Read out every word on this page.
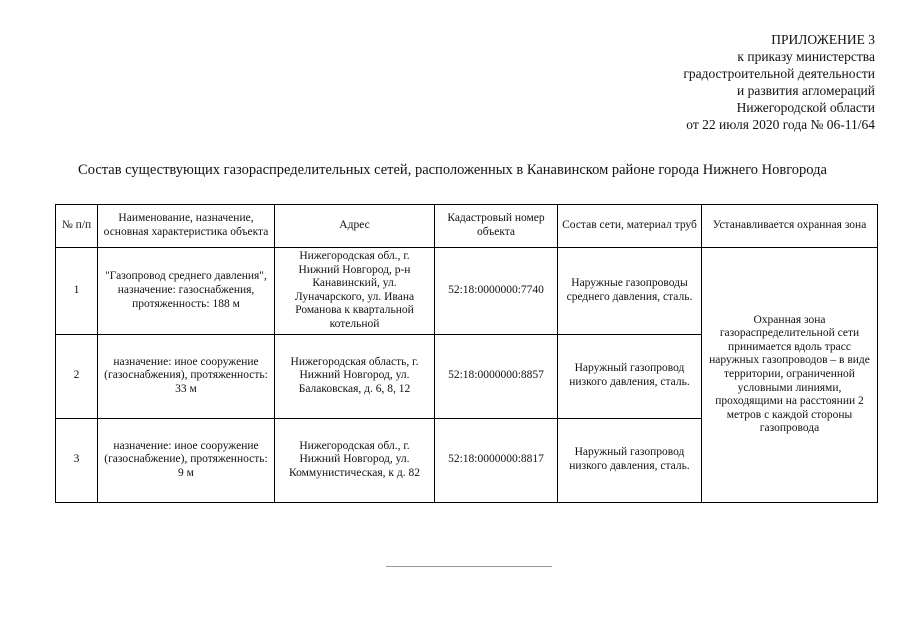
ПРИЛОЖЕНИЕ 3
к приказу министерства
градостроительной деятельности
и развития агломераций
Нижегородской области
от 22 июля 2020 года № 06-11/64
Состав существующих газораспределительных сетей, расположенных в Канавинском районе города Нижнего Новгорода
№ п/п	Наименование, назначение, основная характеристика объекта	Адрес	Кадастровый номер объекта	Состав сети, материал труб	Устанавливается охранная зона
1	"Газопровод среднего давления", назначение: газоснабжения, протяженность: 188 м	Нижегородская обл., г. Нижний Новгород, р-н Канавинский, ул. Луначарского, ул. Ивана Романова к квартальной котельной	52:18:0000000:7740	Наружные газопроводы среднего давления, сталь.	Охранная зона газораспределительной сети принимается вдоль трасс наружных газопроводов – в виде территории, ограниченной условными линиями, проходящими на расстоянии 2 метров с каждой стороны газопровода
2	назначение: иное сооружение (газоснабжения), протяженность: 33 м	Нижегородская область, г. Нижний Новгород, ул. Балаковская, д. 6, 8, 12	52:18:0000000:8857	Наружный газопровод низкого давления, сталь.	
3	назначение: иное сооружение (газоснабжение), протяженность: 9 м	Нижегородская обл., г. Нижний Новгород, ул. Коммунистическая, к д. 82	52:18:0000000:8817	Наружный газопровод низкого давления, сталь.	
